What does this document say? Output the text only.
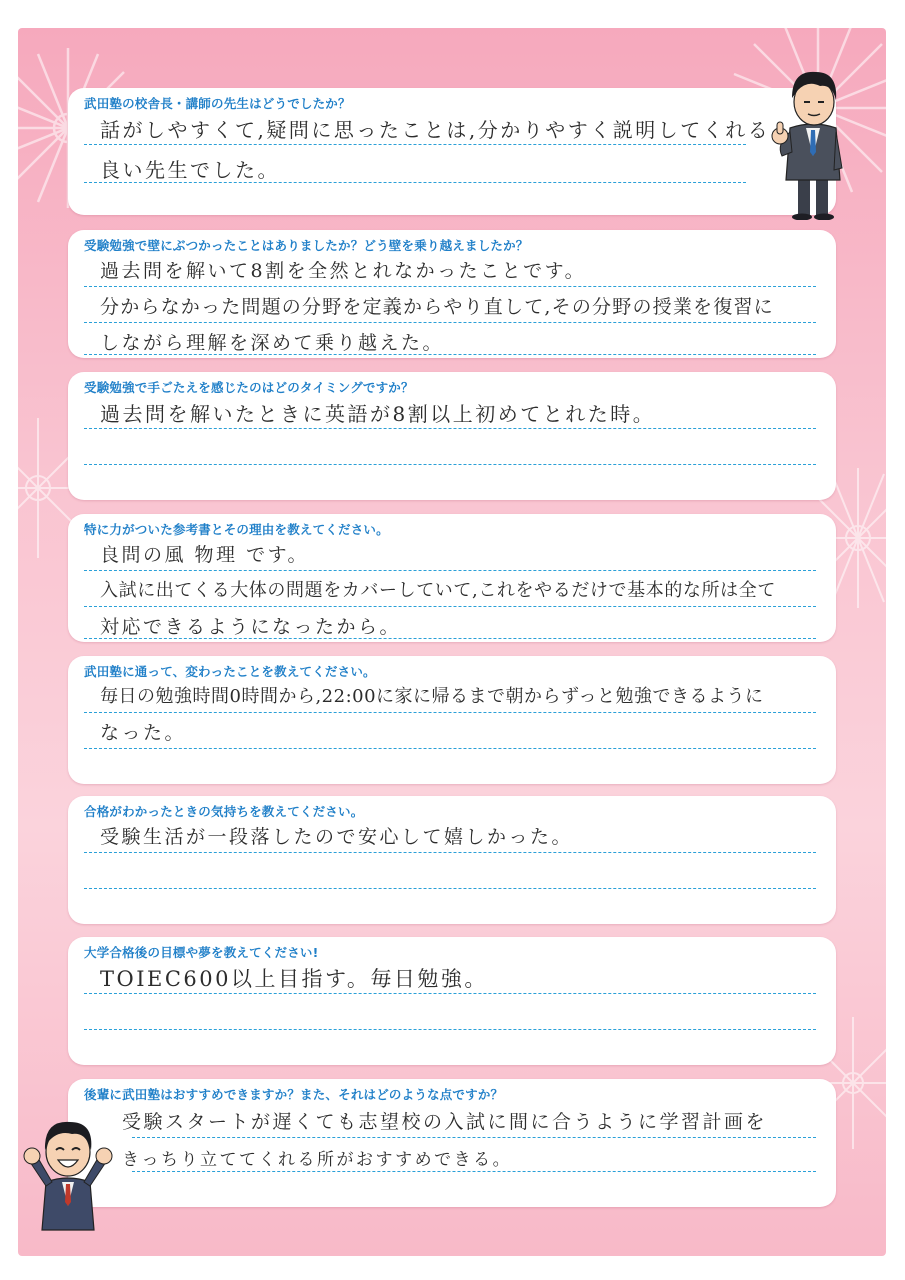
武田塾の校舎長・講師の先生はどうでしたか？
話がしやすくて,疑問に思ったことは,分かりやすく説明してくれる
良い先生でした。
受験勉強で壁にぶつかったことはありましたか？どう壁を乗り越えましたか？
過去問を解いて8割を全然とれなかったことです。
分からなかった問題の分野を定義からやり直して,その分野の授業を復習に
しながら理解を深めて乗り越えた。
受験勉強で手ごたえを感じたのはどのタイミングですか？
過去問を解いたときに英語が8割以上初めてとれた時。
特に力がついた参考書とその理由を教えてください。
良問の風 物理 です。
入試に出てくる大体の問題をカバーしていて,これをやるだけで基本的な所は全て
対応できるようになったから。
武田塾に通って、変わったことを教えてください。
毎日の勉強時間0時間から,22:00に家に帰るまで朝からずっと勉強できるように
なった。
合格がわかったときの気持ちを教えてください。
受験生活が一段落したので安心して嬉しかった。
大学合格後の目標や夢を教えてください!
TOIEC600以上目指す。毎日勉強。
後輩に武田塾はおすすめできますか？また、それはどのような点ですか？
受験スタートが遅くても志望校の入試に間に合うように学習計画を
きっちり立ててくれる所がおすすめできる。
